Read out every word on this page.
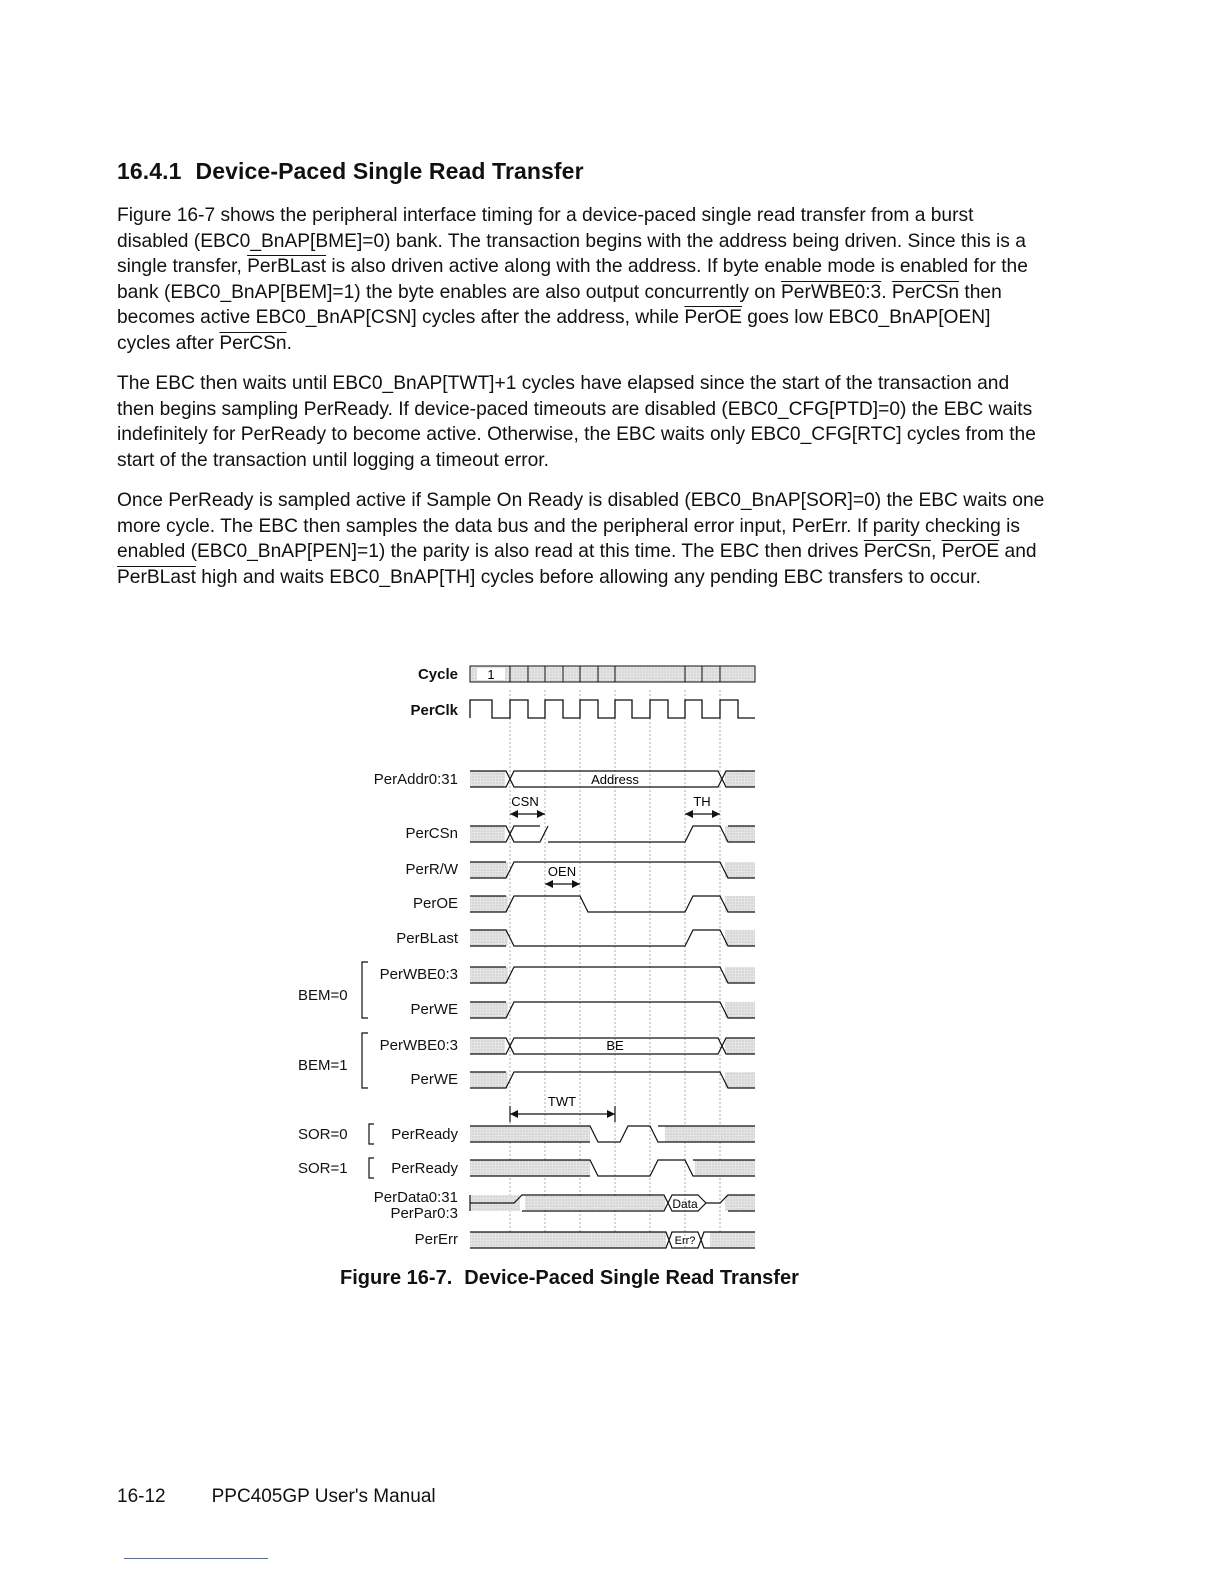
16.4.1 Device-Paced Single Read Transfer
Figure 16-7 shows the peripheral interface timing for a device-paced single read transfer from a burst disabled (EBC0_BnAP[BME]=0) bank. The transaction begins with the address being driven. Since this is a single transfer, PerBLast is also driven active along with the address. If byte enable mode is enabled for the bank (EBC0_BnAP[BEM]=1) the byte enables are also output concurrently on PerWBE0:3. PerCSn then becomes active EBC0_BnAP[CSN] cycles after the address, while PerOE goes low EBC0_BnAP[OEN] cycles after PerCSn.
The EBC then waits until EBC0_BnAP[TWT]+1 cycles have elapsed since the start of the transaction and then begins sampling PerReady. If device-paced timeouts are disabled (EBC0_CFG[PTD]=0) the EBC waits indefinitely for PerReady to become active. Otherwise, the EBC waits only EBC0_CFG[RTC] cycles from the start of the transaction until logging a timeout error.
Once PerReady is sampled active if Sample On Ready is disabled (EBC0_BnAP[SOR]=0) the EBC waits one more cycle. The EBC then samples the data bus and the peripheral error input, PerErr. If parity checking is enabled (EBC0_BnAP[PEN]=1) the parity is also read at this time. The EBC then drives PerCSn, PerOE and PerBLast high and waits EBC0_BnAP[TH] cycles before allowing any pending EBC transfers to occur.
Cycle
PerClk
PerAddr0:31
PerCSn
PerR/W
PerOE
PerBLast
PerWBE0:3
PerWE
PerWBE0:3
PerWE
PerReady
PerReady
PerData0:31
PerPar0:3
PerErr
BEM=0
BEM=1
SOR=0
SOR=1
1
Address
CSN	TH
OEN
BE
TWT
Data
Err?
Figure 16-7. Device-Paced Single Read Transfer
16-12 PPC405GP User's Manual
